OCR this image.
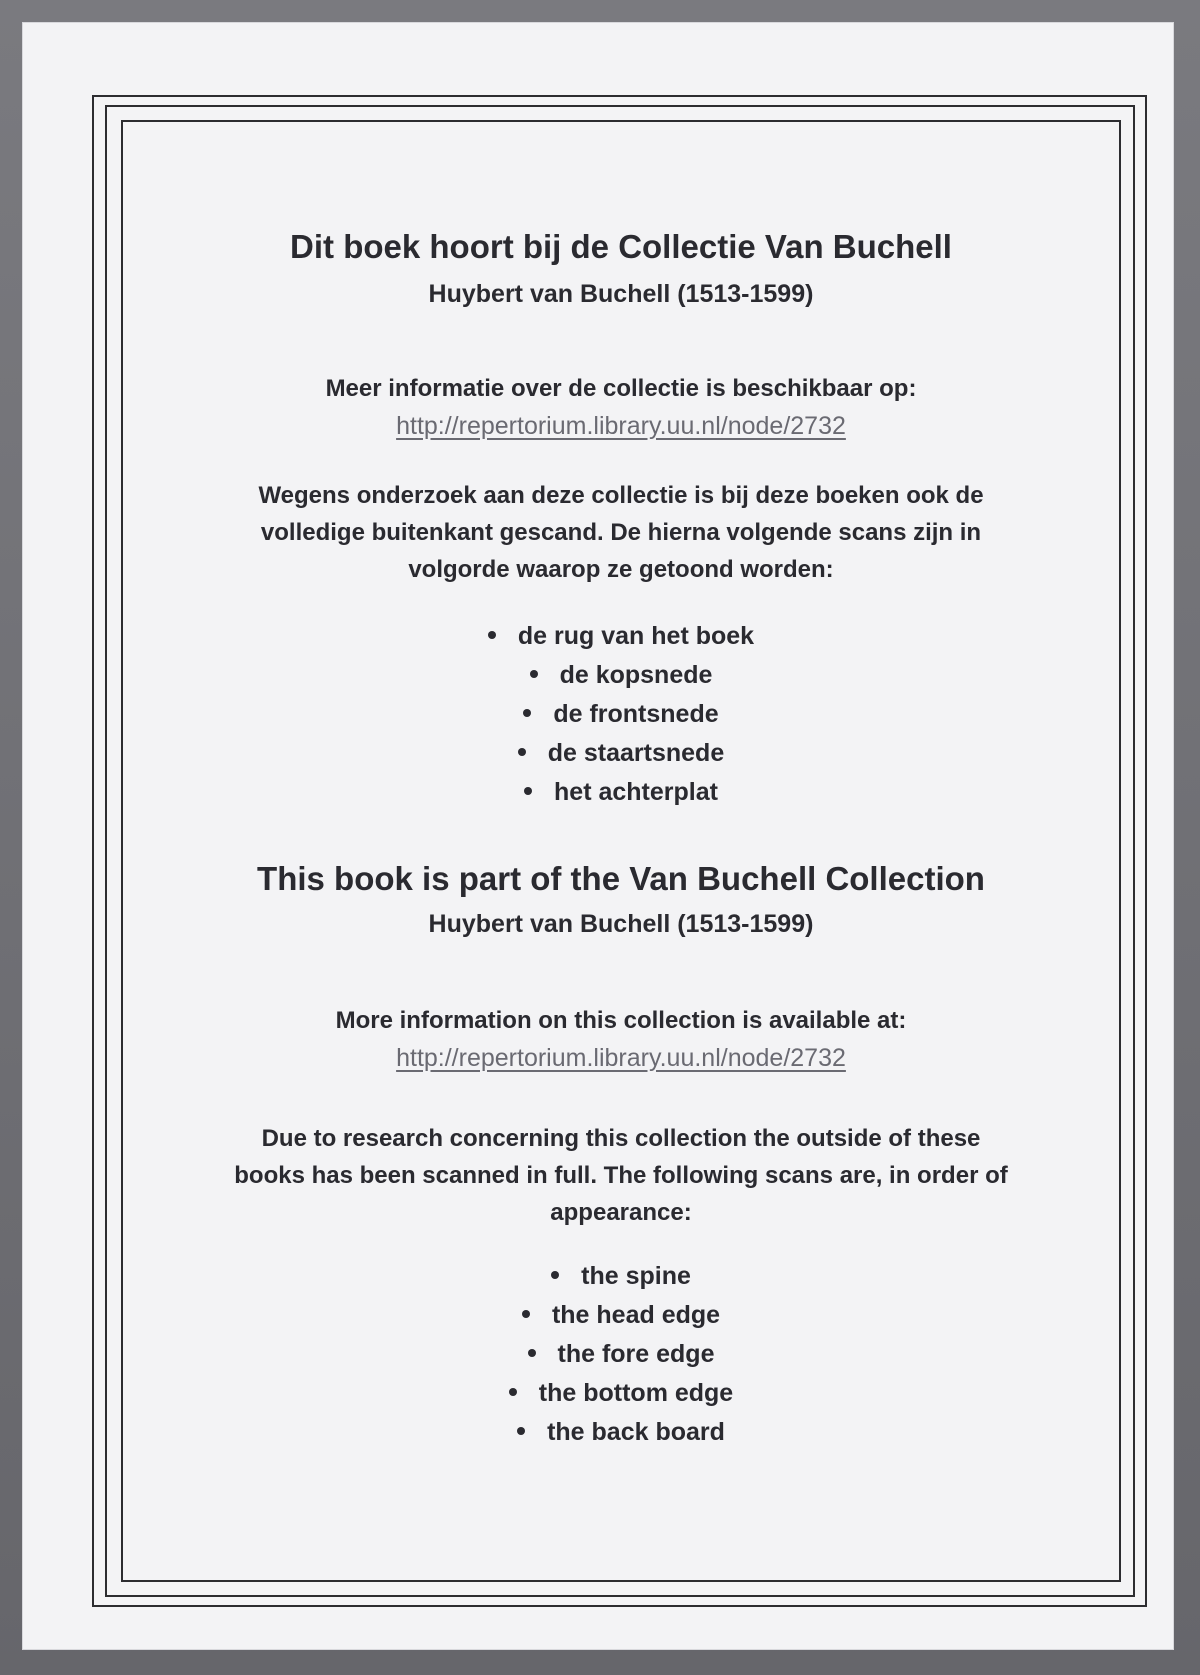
Dit boek hoort bij de Collectie Van Buchell

Huybert van Buchell (1513-1599)

Meer informatie over de collectie is beschikbaar op:

http://repertorium.library.uu.nl/node/2732
Wegens onderzoek aan deze collectie is bij deze boeken ook de
volledige buitenkant gescand. De hierna volgende scans zijn in
volgorde waarop ze getoond worden:
de rug van het boek
de kopsnede
de frontsnede
de staartsnede
het achterplat
This book is part of the Van Buchell Collection

Huybert van Buchell (1513-1599)

More information on this collection is available at:

http://repertorium.library.uu.nl/node/2732
Due to research concerning this collection the outside of these
books has been scanned in full. The following scans are, in order of
appearance:
the spine
the head edge
the fore edge
the bottom edge
the back board
